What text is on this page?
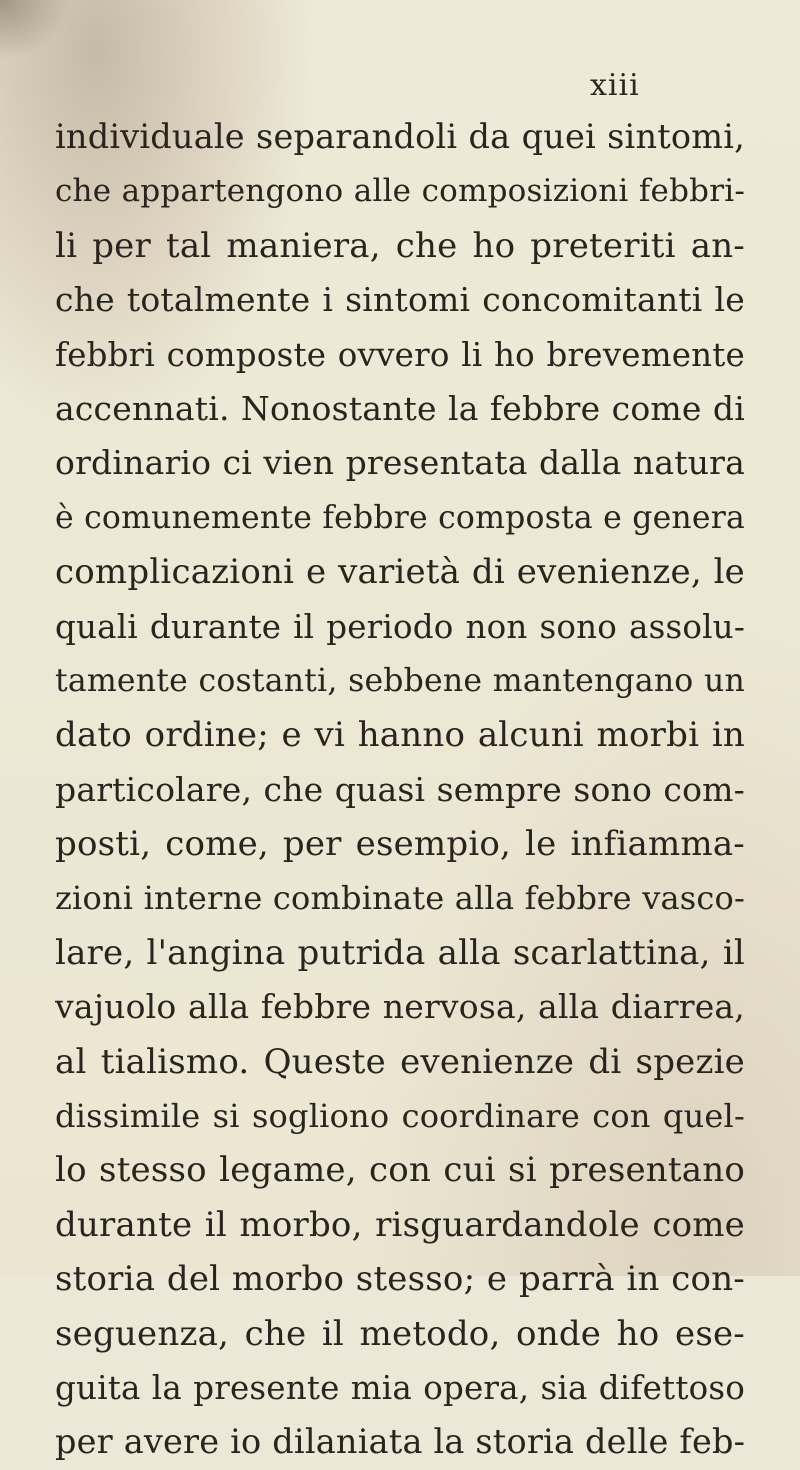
xiii
individuale separandoli da quei sintomi,
che appartengono alle composizioni febbri-
li per tal maniera, che ho preteriti an-
che totalmente i sintomi concomitanti le
febbri composte ovvero li ho brevemente
accennati. Nonostante la febbre come di
ordinario ci vien presentata dalla natura
è comunemente febbre composta e genera
complicazioni e varietà di evenienze, le
quali durante il periodo non sono assolu-
tamente costanti, sebbene mantengano un
dato ordine; e vi hanno alcuni morbi in
particolare, che quasi sempre sono com-
posti, come, per esempio, le infiamma-
zioni interne combinate alla febbre vasco-
lare, l'angina putrida alla scarlattina, il
vajuolo alla febbre nervosa, alla diarrea,
al tialismo. Queste evenienze di spezie
dissimile si sogliono coordinare con quel-
lo stesso legame, con cui si presentano
durante il morbo, risguardandole come
storia del morbo stesso; e parrà in con-
seguenza, che il metodo, onde ho ese-
guita la presente mia opera, sia difettoso
per avere io dilaniata la storia delle feb-
